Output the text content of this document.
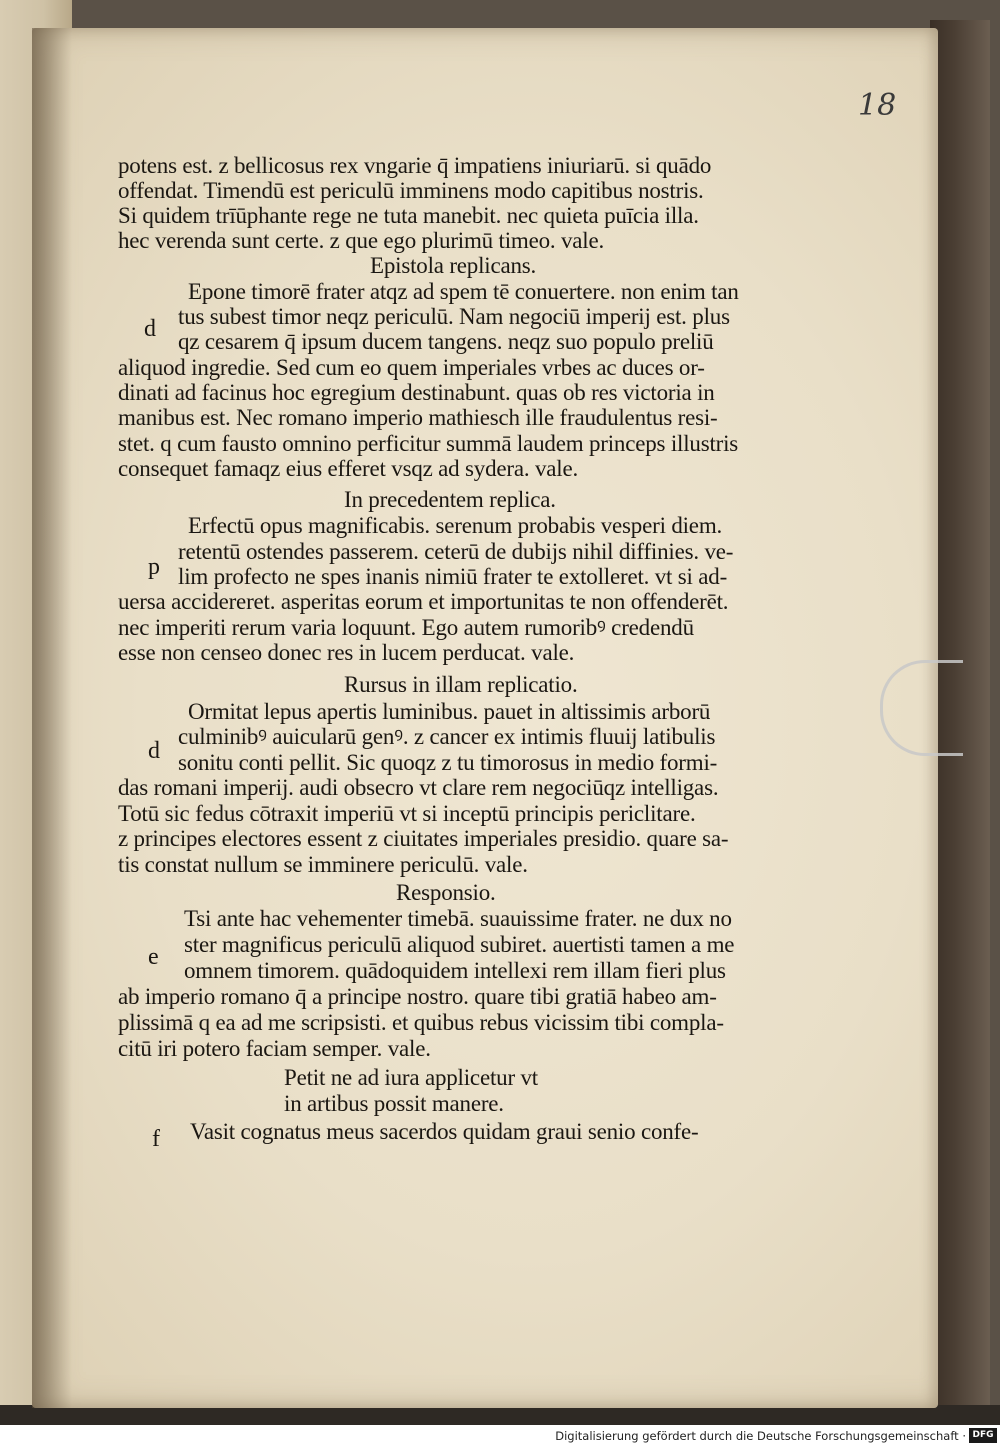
18
potens est. z bellicosus rex vngarie q̄ impatiens iniuriarū. si quādo
offendat. Timendū est periculū imminens modo capitibus nostris.
Si quidem trīūphante rege ne tuta manebit. nec quieta puīcia illa.
hec verenda sunt certe. z que ego plurimū timeo. vale.
Epistola replicans.
Epone timorē frater atqz ad spem tē conuertere. non enim tan
tus subest timor neqz periculū. Nam negociū imperij est. plus
qz cesarem q̄ ipsum ducem tangens. neqz suo populo preliū
aliquod ingredie. Sed cum eo quem imperiales vrbes ac duces or-
dinati ad facinus hoc egregium destinabunt. quas ob res victoria in
manibus est. Nec romano imperio mathiesch ille fraudulentus resi-
stet. q cum fausto omnino perficitur summā laudem princeps illustris
consequet famaqz eius efferet vsqz ad sydera. vale.
In precedentem replica.
Erfectū opus magnificabis. serenum probabis vesperi diem.
retentū ostendes passerem. ceterū de dubijs nihil diffinies. ve-
lim profecto ne spes inanis nimiū frater te extolleret. vt si ad-
uersa accidereret. asperitas eorum et importunitas te non offenderēt.
nec imperiti rerum varia loquunt. Ego autem rumoribꝰ credendū
esse non censeo donec res in lucem perducat. vale.
Rursus in illam replicatio.
Ormitat lepus apertis luminibus. pauet in altissimis arborū
culminibꝰ auicularū genꝰ. z cancer ex intimis fluuij latibulis
sonitu conti pellit. Sic quoqz z tu timorosus in medio formi-
das romani imperij. audi obsecro vt clare rem negociūqz intelligas.
Totū sic fedus cōtraxit imperiū vt si inceptū principis periclitare.
z principes electores essent z ciuitates imperiales presidio. quare sa-
tis constat nullum se imminere periculū. vale.
Responsio.
Tsi ante hac vehementer timebā. suauissime frater. ne dux no
ster magnificus periculū aliquod subiret. auertisti tamen a me
omnem timorem. quādoquidem intellexi rem illam fieri plus
ab imperio romano q̄ a principe nostro. quare tibi gratiā habeo am-
plissimā q ea ad me scripsisti. et quibus rebus vicissim tibi compla-
citū iri potero faciam semper. vale.
Petit ne ad iura applicetur vt
in artibus possit manere.
Vasit cognatus meus sacerdos quidam graui senio confe-
d
p
d
e
f
Digitalisierung gefördert durch die Deutsche Forschungsgemeinschaft · DFG
